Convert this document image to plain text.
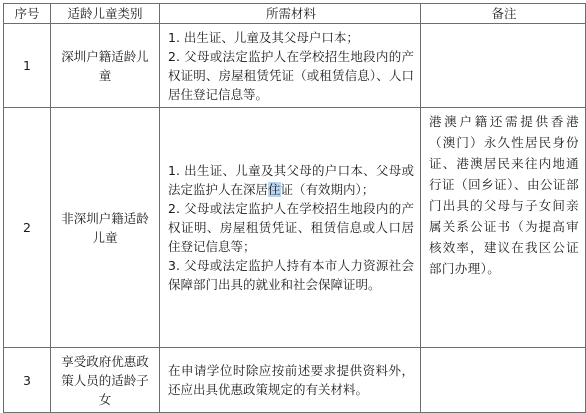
序号	适龄儿童类别	所需材料	备注
1	深圳户籍适龄儿童	1. 出生证、儿童及其父母户口本；
2. 父母或法定监护人在学校招生地段内的产权证明、房屋租赁凭证（或租赁信息）、人口居住登记信息等。	

2	非深圳户籍适龄儿童	1. 出生证、儿童及其父母的户口本、父母或法定监护人在深居住证（有效期内）；
2. 父母或法定监护人在学校招生地段内的产权证明、房屋租赁凭证、租赁信息或人口居住登记信息等；
3. 父母或法定监护人持有本市人力资源社会保障部门出具的就业和社会保障证明。	港澳户籍还需提供香港（澳门）永久性居民身份证、港澳居民来往内地通行证（回乡证）、由公证部门出具的父母与子女间亲属关系公证书（为提高审核效率，建议在我区公证部门办理）。

3	享受政府优惠政策人员的适龄子女	在申请学位时除应按前述要求提供资料外，还应出具优惠政策规定的有关材料。	
